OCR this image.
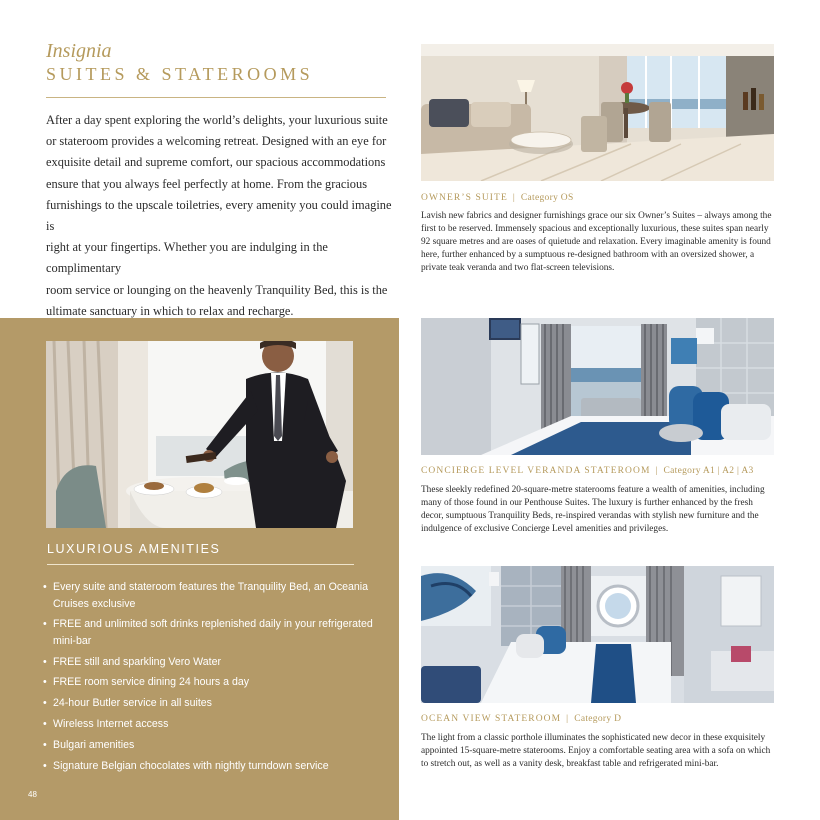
Insignia
SUITES & STATEROOMS
After a day spent exploring the world’s delights, your luxurious suite
or stateroom provides a welcoming retreat. Designed with an eye for
exquisite detail and supreme comfort, our spacious accommodations
ensure that you always feel perfectly at home. From the gracious
furnishings to the upscale toiletries, every amenity you could imagine is
right at your fingertips. Whether you are indulging in the complimentary
room service or lounging on the heavenly Tranquility Bed, this is the
ultimate sanctuary in which to relax and recharge.
LUXURIOUS AMENITIES
• Every suite and stateroom features the Tranquility Bed, an Oceania Cruises exclusive
• FREE and unlimited soft drinks replenished daily in your refrigerated mini-bar
• FREE still and sparkling Vero Water
• FREE room service dining 24 hours a day
• 24-hour Butler service in all suites
• Wireless Internet access
• Bulgari amenities
• Signature Belgian chocolates with nightly turndown service
48
OWNER’S SUITE | Category OS
Lavish new fabrics and designer furnishings grace our six Owner’s Suites – always among the first to be reserved. Immensely spacious and exceptionally luxurious, these suites span nearly 92 square metres and are oases of quietude and relaxation. Every imaginable amenity is found here, further enhanced by a sumptuous re-designed bathroom with an oversized shower, a private teak veranda and two flat-screen televisions.
CONCIERGE LEVEL VERANDA STATEROOM | Category A1 | A2 | A3
These sleekly redefined 20-square-metre staterooms feature a wealth of amenities, including many of those found in our Penthouse Suites. The luxury is further enhanced by the fresh decor, sumptuous Tranquility Beds, re-inspired verandas with stylish new furniture and the indulgence of exclusive Concierge Level amenities and privileges.
OCEAN VIEW STATEROOM | Category D
The light from a classic porthole illuminates the sophisticated new decor in these exquisitely appointed 15-square-metre staterooms. Enjoy a comfortable seating area with a sofa on which to stretch out, as well as a vanity desk, breakfast table and refrigerated mini-bar.
